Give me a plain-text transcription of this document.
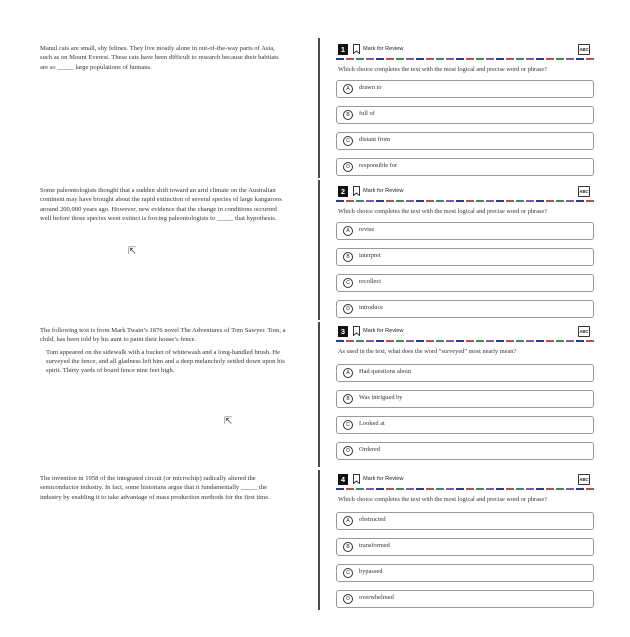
Manul cats are small, shy felines. They live mostly alone in out-of-the-way parts of Asia, such as on Mount Everest. These cats have been difficult to research because their habitats are so _____ large populations of humans.

1	Mark for Review	ABC
Which choice completes the text with the most logical and precise word or phrase?
A	drawn to
B	full of
C	distant from
D	responsible for

Some paleontologists thought that a sudden shift toward an arid climate on the Australian continent may have brought about the rapid extinction of several species of large kangaroos around 200,000 years ago. However, new evidence that the change in conditions occurred well before those species went extinct is forcing paleontologists to _____ that hypothesis.

⇱
2	Mark for Review	ABC
Which choice completes the text with the most logical and precise word or phrase?
A	revise
B	interpret
C	recollect
D	introduce

The following text is from Mark Twain’s 1876 novel The Adventures of Tom Sawyer. Tom, a child, has been told by his aunt to paint their house’s fence.

Tom appeared on the sidewalk with a bucket of whitewash and a long-handled brush. He surveyed the fence, and all gladness left him and a deep melancholy settled down upon his spirit. Thirty yards of board fence nine feet high.

⇱
3	Mark for Review	ABC
As used in the text, what does the word “surveyed” most nearly mean?
A	Had questions about
B	Was intrigued by
C	Looked at
D	Ordered

The invention in 1958 of the integrated circuit (or microchip) radically altered the semiconductor industry. In fact, some historians argue that it fundamentally _____ the industry by enabling it to take advantage of mass production methods for the first time.

4	Mark for Review	ABC
Which choice completes the text with the most logical and precise word or phrase?
A	obstructed
B	transformed
C	bypassed
D	overwhelmed
